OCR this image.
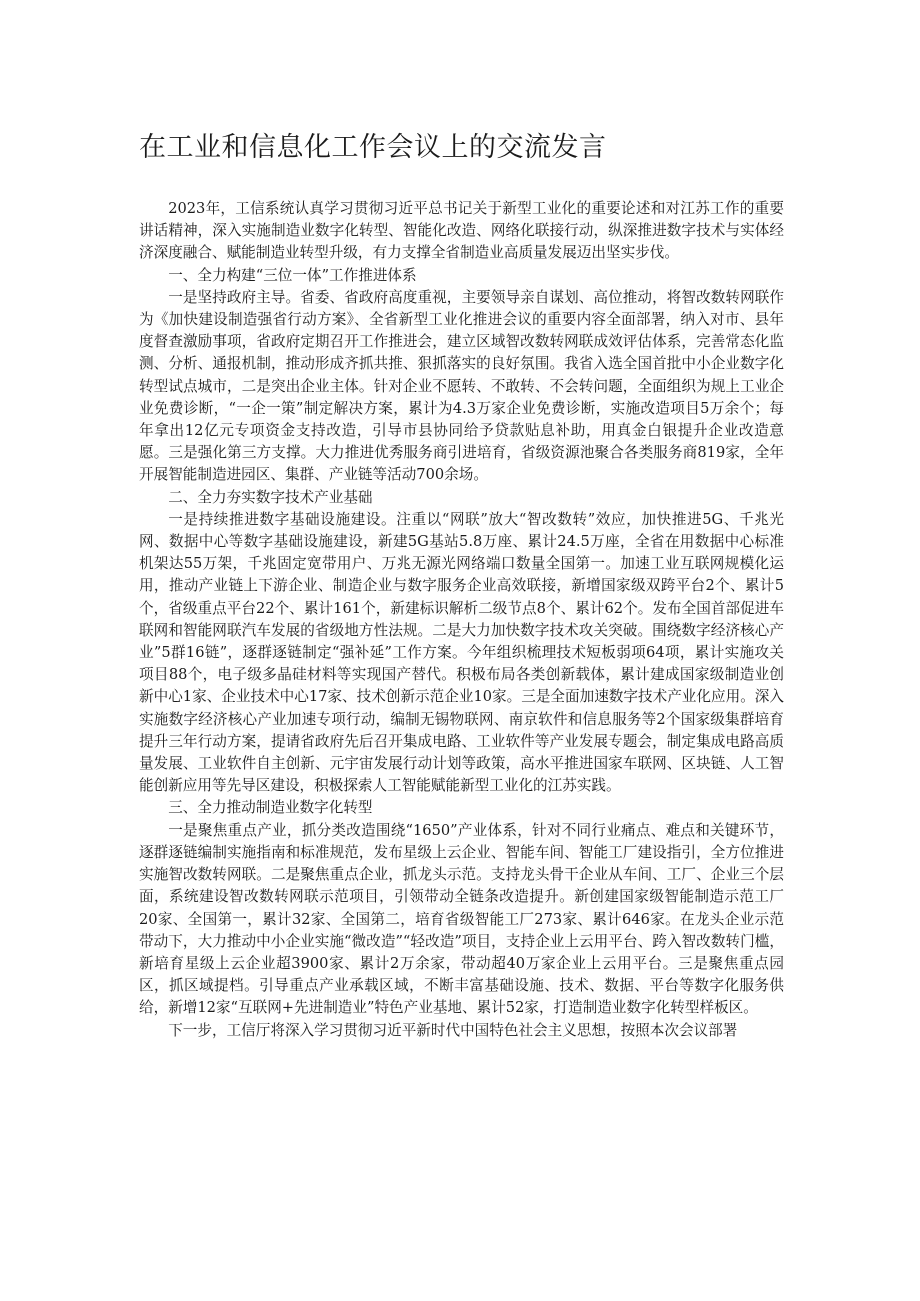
在工业和信息化工作会议上的交流发言

2023年，工信系统认真学习贯彻习近平总书记关于新型工业化的重要论述和对江苏工作的重要讲话精神，深入实施制造业数字化转型、智能化改造、网络化联接行动，纵深推进数字技术与实体经济深度融合、赋能制造业转型升级，有力支撑全省制造业高质量发展迈出坚实步伐。

一、全力构建“三位一体”工作推进体系

一是坚持政府主导。省委、省政府高度重视，主要领导亲自谋划、高位推动，将智改数转网联作为《加快建设制造强省行动方案》、全省新型工业化推进会议的重要内容全面部署，纳入对市、县年度督查激励事项，省政府定期召开工作推进会，建立区域智改数转网联成效评估体系，完善常态化监测、分析、通报机制，推动形成齐抓共推、狠抓落实的良好氛围。我省入选全国首批中小企业数字化转型试点城市，二是突出企业主体。针对企业不愿转、不敢转、不会转问题，全面组织为规上工业企业免费诊断，“一企一策”制定解决方案，累计为4.3万家企业免费诊断，实施改造项目5万余个；每年拿出12亿元专项资金支持改造，引导市县协同给予贷款贴息补助，用真金白银提升企业改造意愿。三是强化第三方支撑。大力推进优秀服务商引进培育，省级资源池聚合各类服务商819家，全年开展智能制造进园区、集群、产业链等活动700余场。

二、全力夯实数字技术产业基础

一是持续推进数字基础设施建设。注重以“网联”放大“智改数转”效应，加快推进5G、千兆光网、数据中心等数字基础设施建设，新建5G基站5.8万座、累计24.5万座，全省在用数据中心标准机架达55万架，千兆固定宽带用户、万兆无源光网络端口数量全国第一。加速工业互联网规模化运用，推动产业链上下游企业、制造企业与数字服务企业高效联接，新增国家级双跨平台2个、累计5个，省级重点平台22个、累计161个，新建标识解析二级节点8个、累计62个。发布全国首部促进车联网和智能网联汽车发展的省级地方性法规。二是大力加快数字技术攻关突破。围绕数字经济核心产业”5群16链”，逐群逐链制定“强补延”工作方案。今年组织梳理技术短板弱项64项，累计实施攻关项目88个，电子级多晶硅材料等实现国产替代。积极布局各类创新载体，累计建成国家级制造业创新中心1家、企业技术中心17家、技术创新示范企业10家。三是全面加速数字技术产业化应用。深入实施数字经济核心产业加速专项行动，编制无锡物联网、南京软件和信息服务等2个国家级集群培育提升三年行动方案，提请省政府先后召开集成电路、工业软件等产业发展专题会，制定集成电路高质量发展、工业软件自主创新、元宇宙发展行动计划等政策，高水平推进国家车联网、区块链、人工智能创新应用等先导区建设，积极探索人工智能赋能新型工业化的江苏实践。

三、全力推动制造业数字化转型

一是聚焦重点产业，抓分类改造围绕“1650”产业体系，针对不同行业痛点、难点和关键环节，逐群逐链编制实施指南和标准规范，发布星级上云企业、智能车间、智能工厂建设指引，全方位推进实施智改数转网联。二是聚焦重点企业，抓龙头示范。支持龙头骨干企业从车间、工厂、企业三个层面，系统建设智改数转网联示范项目，引领带动全链条改造提升。新创建国家级智能制造示范工厂20家、全国第一，累计32家、全国第二，培育省级智能工厂273家、累计646家。在龙头企业示范带动下，大力推动中小企业实施“微改造”“轻改造”项目，支持企业上云用平台、跨入智改数转门槛，新培育星级上云企业超3900家、累计2万余家，带动超40万家企业上云用平台。三是聚焦重点园区，抓区域提档。引导重点产业承载区域，不断丰富基础设施、技术、数据、平台等数字化服务供给，新增12家“互联网+先进制造业”特色产业基地、累计52家，打造制造业数字化转型样板区。

下一步，工信厅将深入学习贯彻习近平新时代中国特色社会主义思想，按照本次会议部署
